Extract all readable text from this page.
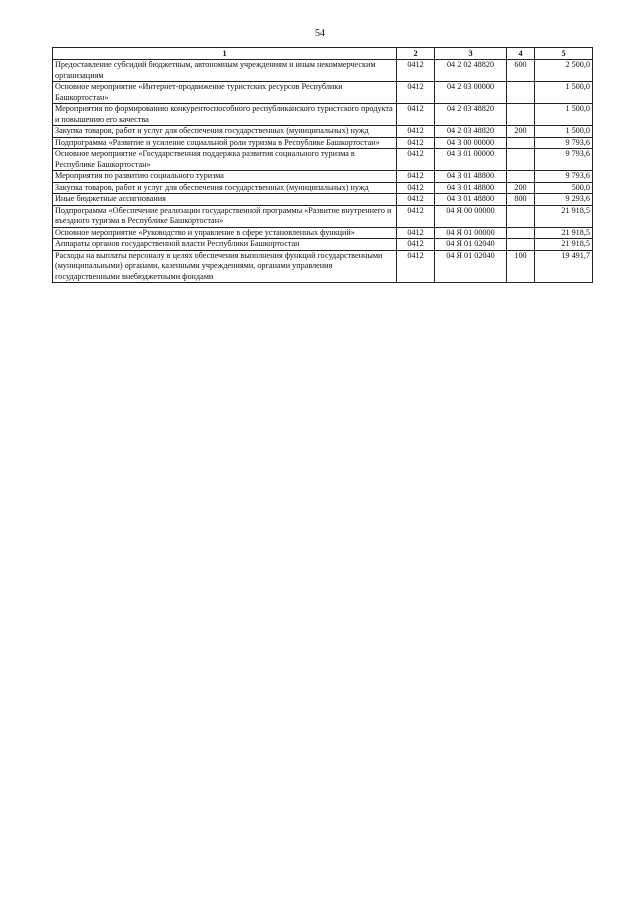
54
1	2	3	4	5
Предоставление субсидий бюджетным, автономным учреждениям и иным некоммерческим организациям	0412	04 2 02 48820	600	2 500,0
Основное мероприятие «Интернет-продвижение туристских ресурсов Республики Башкортостан»	0412	04 2 03 00000		1 500,0
Мероприятия по формированию конкурентоспособного республиканского туристского продукта и повышению его качества	0412	04 2 03 48820		1 500,0
Закупка товаров, работ и услуг для обеспечения государственных (муниципальных) нужд	0412	04 2 03 48820	200	1 500,0
Подпрограмма «Развитие и усиление социальной роли туризма в Республике Башкортостан»	0412	04 3 00 00000		9 793,6
Основное мероприятие «Государственная поддержка развития социального туризма в Республике Башкортостан»	0412	04 3 01 00000		9 793,6
Мероприятия по развитию социального туризма	0412	04 3 01 48800		9 793,6
Закупка товаров, работ и услуг для обеспечения государственных (муниципальных) нужд	0412	04 3 01 48800	200	500,0
Иные бюджетные ассигнования	0412	04 3 01 48800	800	9 293,6
Подпрограмма «Обеспечение реализации государственной программы «Развитие внутреннего и въездного туризма в Республике Башкортостан»	0412	04 Я 00 00000		21 918,5
Основное мероприятие «Руководство и управление в сфере установленных функций»	0412	04 Я 01 00000		21 918,5
Аппараты органов государственной власти Республики Башкортостан	0412	04 Я 01 02040		21 918,5
Расходы на выплаты персоналу в целях обеспечения выполнения функций государственными (муниципальными) органами, казенными учреждениями, органами управления государственными внебюджетными фондами	0412	04 Я 01 02040	100	19 491,7
